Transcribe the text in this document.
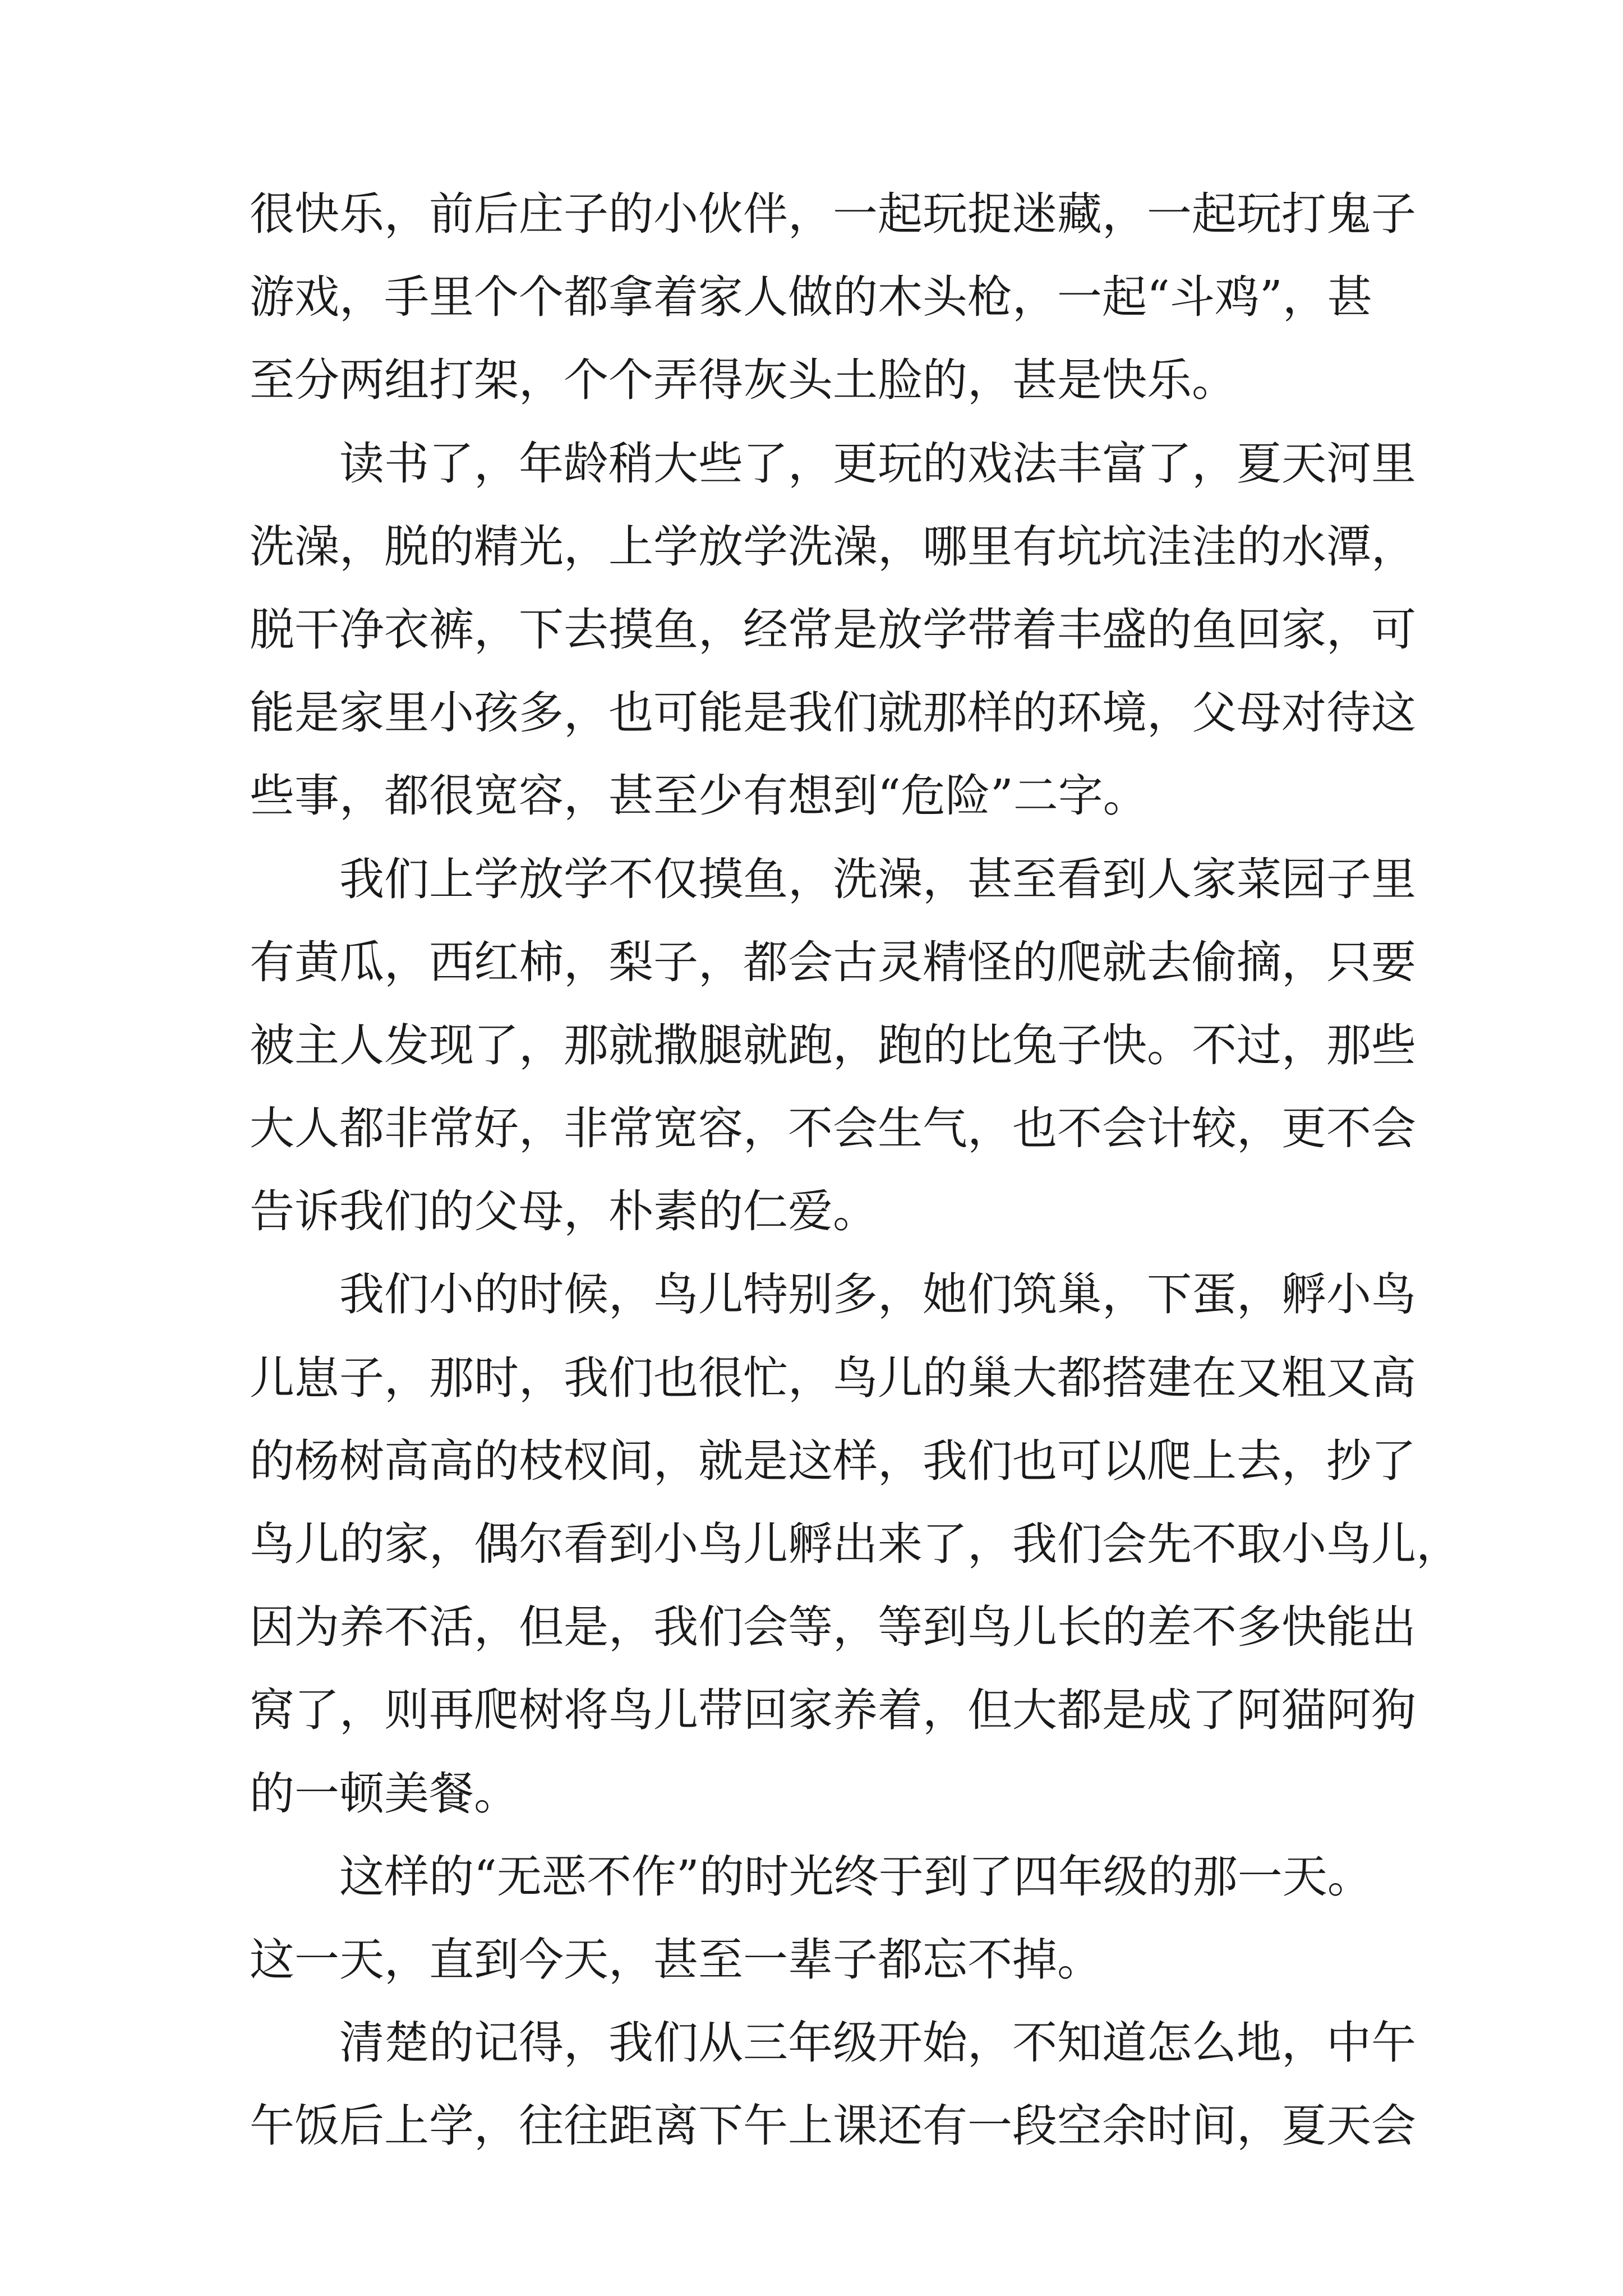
很快乐，前后庄子的小伙伴，一起玩捉迷藏，一起玩打鬼子
游戏，手里个个都拿着家人做的木头枪，一起“斗鸡”，甚
至分两组打架，个个弄得灰头土脸的，甚是快乐。
　　读书了，年龄稍大些了，更玩的戏法丰富了，夏天河里
洗澡，脱的精光，上学放学洗澡，哪里有坑坑洼洼的水潭，
脱干净衣裤，下去摸鱼，经常是放学带着丰盛的鱼回家，可
能是家里小孩多，也可能是我们就那样的环境，父母对待这
些事，都很宽容，甚至少有想到“危险”二字。
　　我们上学放学不仅摸鱼，洗澡，甚至看到人家菜园子里
有黄瓜，西红柿，梨子，都会古灵精怪的爬就去偷摘，只要
被主人发现了，那就撒腿就跑，跑的比兔子快。不过，那些
大人都非常好，非常宽容，不会生气，也不会计较，更不会
告诉我们的父母，朴素的仁爱。
　　我们小的时候，鸟儿特别多，她们筑巢，下蛋，孵小鸟
儿崽子，那时，我们也很忙，鸟儿的巢大都搭建在又粗又高
的杨树高高的枝杈间，就是这样，我们也可以爬上去，抄了
鸟儿的家，偶尔看到小鸟儿孵出来了，我们会先不取小鸟儿，
因为养不活，但是，我们会等，等到鸟儿长的差不多快能出
窝了，则再爬树将鸟儿带回家养着，但大都是成了阿猫阿狗
的一顿美餐。
　　这样的“无恶不作”的时光终于到了四年级的那一天。
这一天，直到今天，甚至一辈子都忘不掉。
　　清楚的记得，我们从三年级开始，不知道怎么地，中午
午饭后上学，往往距离下午上课还有一段空余时间，夏天会
